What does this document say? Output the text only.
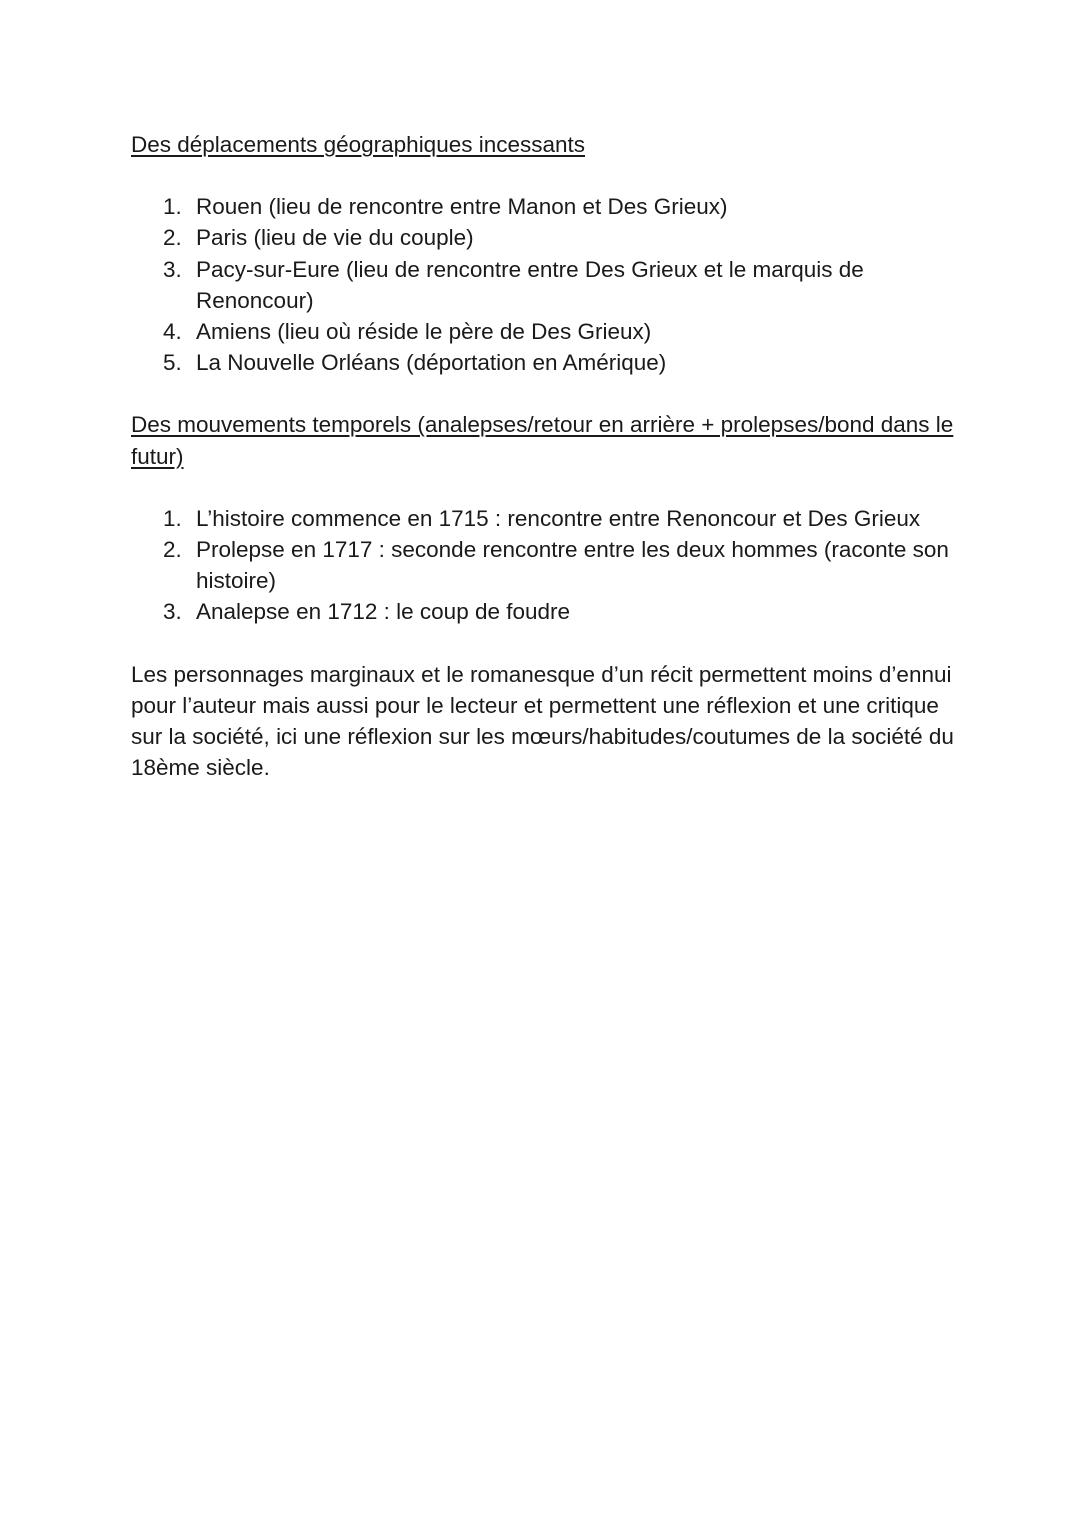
Des déplacements géographiques incessants
1. Rouen (lieu de rencontre entre Manon et Des Grieux)
2. Paris (lieu de vie du couple)
3. Pacy-sur-Eure (lieu de rencontre entre Des Grieux et le marquis de Renoncour)
4. Amiens (lieu où réside le père de Des Grieux)
5. La Nouvelle Orléans (déportation en Amérique)
Des mouvements temporels (analepses/retour en arrière + prolepses/bond dans le futur)
1. L’histoire commence en 1715 : rencontre entre Renoncour et Des Grieux
2. Prolepse en 1717 : seconde rencontre entre les deux hommes (raconte son histoire)
3. Analepse en 1712 : le coup de foudre

Les personnages marginaux et le romanesque d’un récit permettent moins d’ennui pour l’auteur mais aussi pour le lecteur et permettent une réflexion et une critique sur la société, ici une réflexion sur les mœurs/habitudes/coutumes de la société du 18ème siècle.
